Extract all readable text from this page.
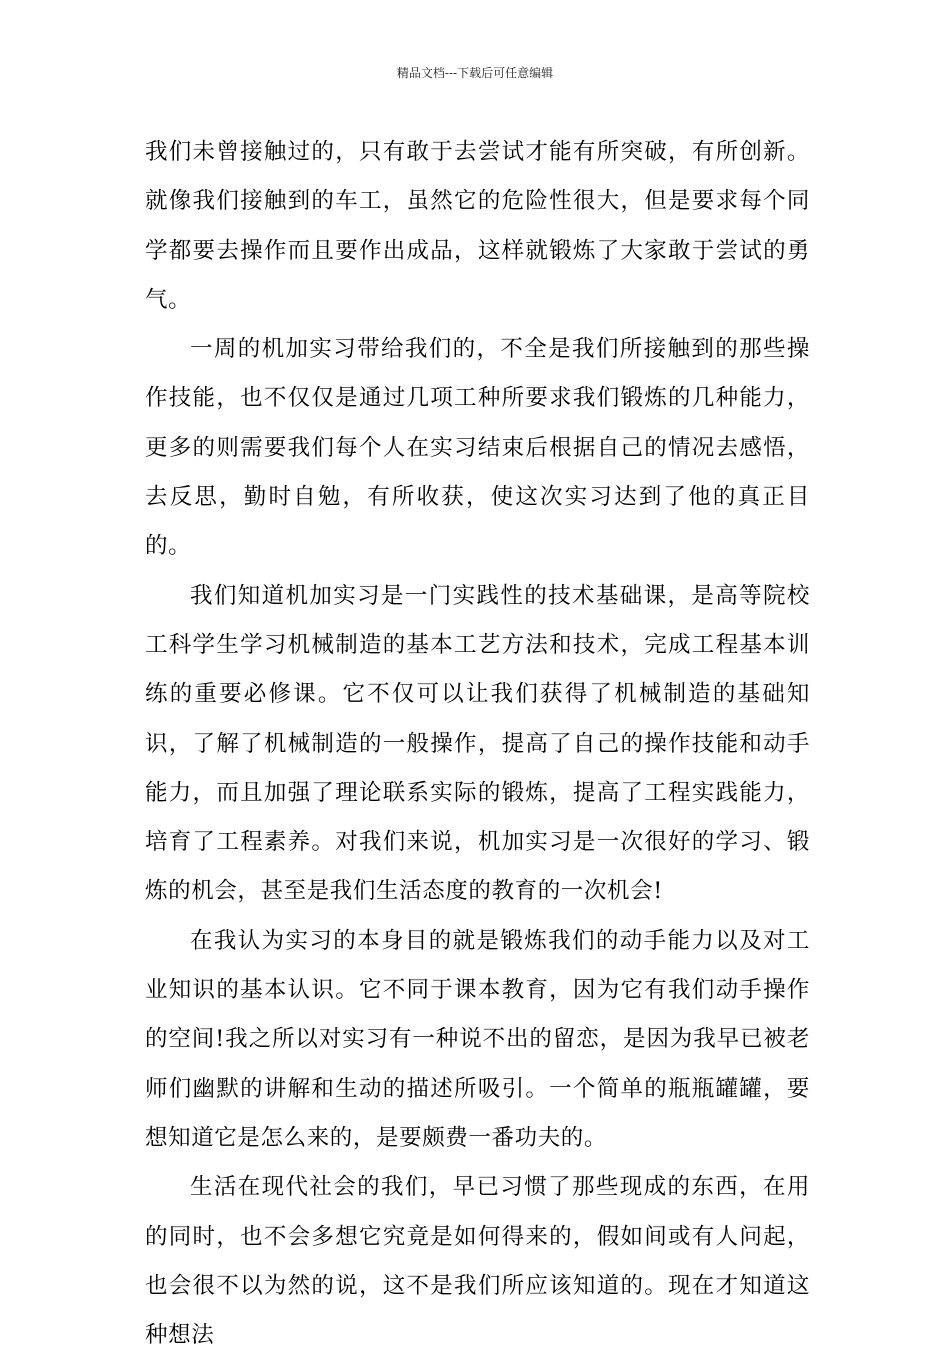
精品文档---下载后可任意编辑

我们未曾接触过的，只有敢于去尝试才能有所突破，有所创新。就像我们接触到的车工，虽然它的危险性很大，但是要求每个同学都要去操作而且要作出成品，这样就锻炼了大家敢于尝试的勇气。

一周的机加实习带给我们的，不全是我们所接触到的那些操作技能，也不仅仅是通过几项工种所要求我们锻炼的几种能力，更多的则需要我们每个人在实习结束后根据自己的情况去感悟，去反思，勤时自勉，有所收获，使这次实习达到了他的真正目的。

我们知道机加实习是一门实践性的技术基础课，是高等院校工科学生学习机械制造的基本工艺方法和技术，完成工程基本训练的重要必修课。它不仅可以让我们获得了机械制造的基础知识，了解了机械制造的一般操作，提高了自己的操作技能和动手能力，而且加强了理论联系实际的锻炼，提高了工程实践能力，培育了工程素养。对我们来说，机加实习是一次很好的学习、锻炼的机会，甚至是我们生活态度的教育的一次机会!

在我认为实习的本身目的就是锻炼我们的动手能力以及对工业知识的基本认识。它不同于课本教育，因为它有我们动手操作的空间!我之所以对实习有一种说不出的留恋，是因为我早已被老师们幽默的讲解和生动的描述所吸引。一个简单的瓶瓶罐罐，要想知道它是怎么来的，是要颇费一番功夫的。

生活在现代社会的我们，早已习惯了那些现成的东西，在用的同时，也不会多想它究竟是如何得来的，假如间或有人问起，也会很不以为然的说，这不是我们所应该知道的。现在才知道这种想法
